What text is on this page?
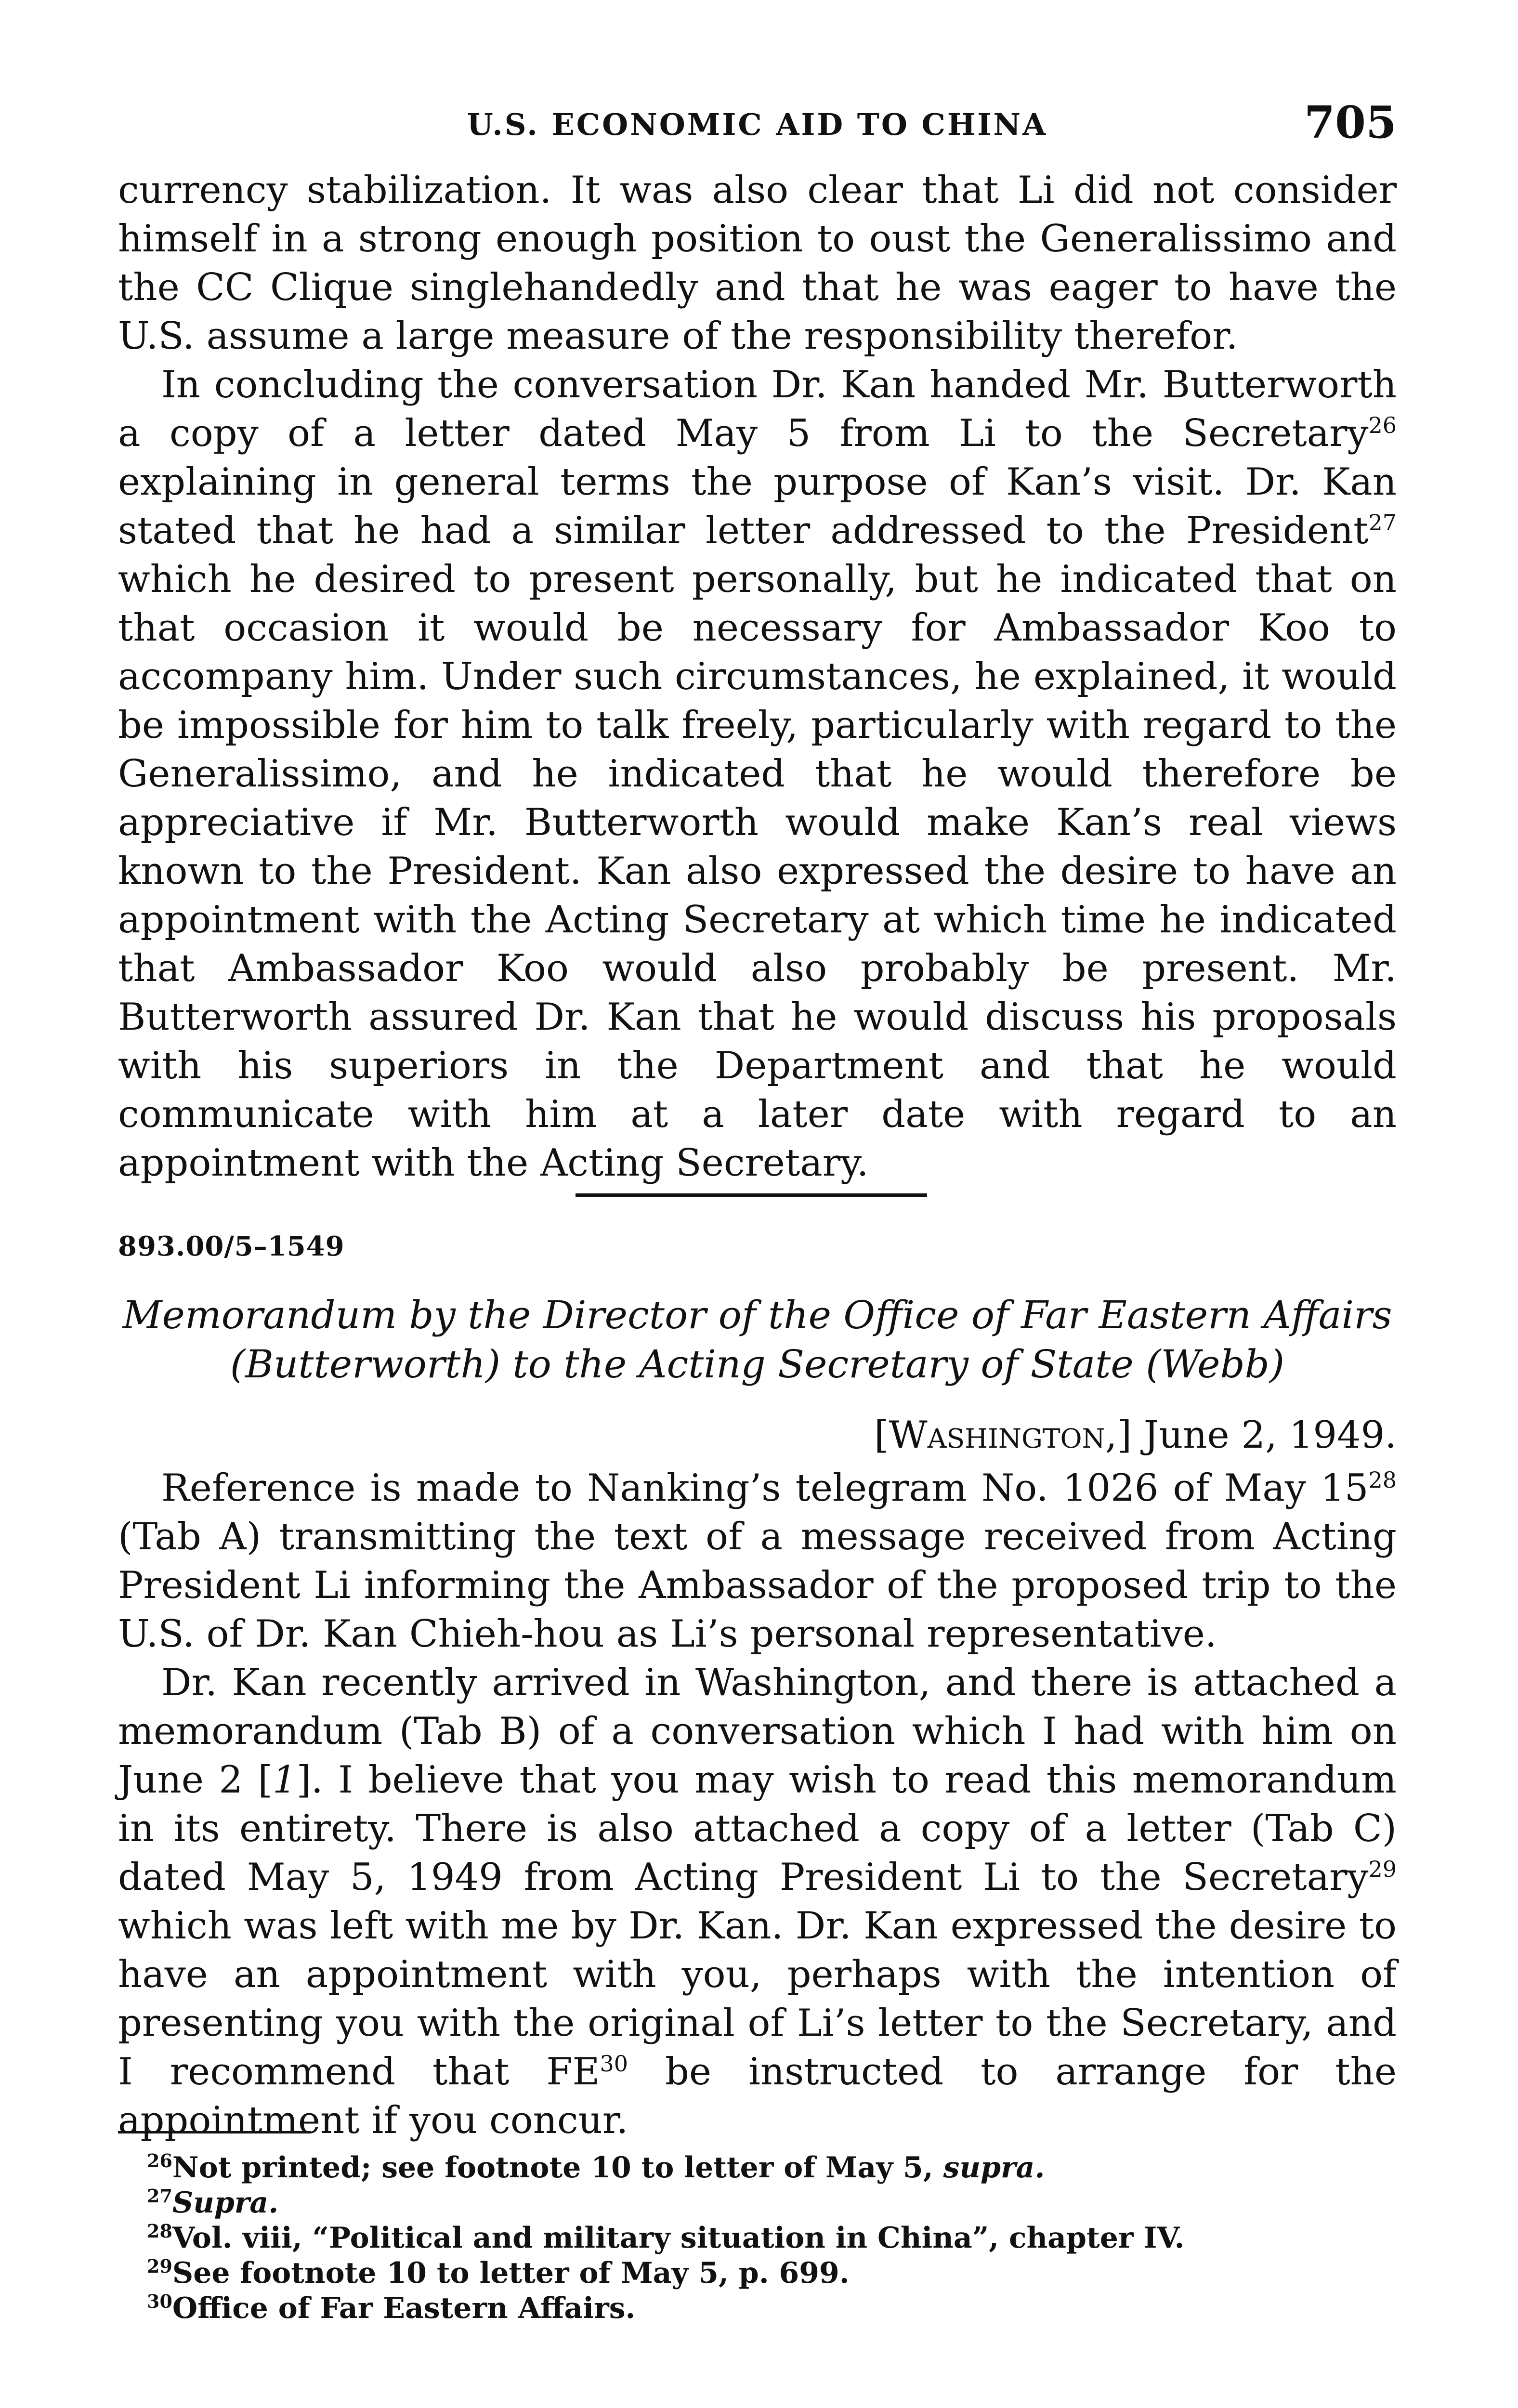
U.S. ECONOMIC AID TO CHINA	705

currency stabilization. It was also clear that Li did not consider himself in a strong enough position to oust the Generalissimo and the CC Clique singlehandedly and that he was eager to have the U.S. assume a large measure of the responsibility therefor.

In concluding the conversation Dr. Kan handed Mr. Butterworth a copy of a letter dated May 5 from Li to the Secretary$^{26}$ explaining in general terms the purpose of Kan’s visit. Dr. Kan stated that he had a similar letter addressed to the President$^{27}$ which he desired to present personally, but he indicated that on that occasion it would be necessary for Ambassador Koo to accompany him. Under such circumstances, he explained, it would be impossible for him to talk freely, particularly with regard to the Generalissimo, and he indicated that he would therefore be appreciative if Mr. Butterworth would make Kan’s real views known to the President. Kan also expressed the desire to have an appointment with the Acting Secretary at which time he indicated that Ambassador Koo would also probably be present. Mr. Butterworth assured Dr. Kan that he would discuss his proposals with his superiors in the Department and that he would communicate with him at a later date with regard to an appointment with the Acting Secretary.

893.00/5–1549

Memorandum by the Director of the Office of Far Eastern Affairs

(Butterworth) to the Acting Secretary of State (Webb)

[Washington,] June 2, 1949.

Reference is made to Nanking’s telegram No. 1026 of May $15^{28}$ (Tab A) transmitting the text of a message received from Acting President Li informing the Ambassador of the proposed trip to the U.S. of Dr. Kan Chieh-hou as Li’s personal representative.

Dr. Kan recently arrived in Washington, and there is attached a memorandum (Tab B) of a conversation which I had with him on June 2 [1]. I believe that you may wish to read this memorandum in its entirety. There is also attached a copy of a letter (Tab C) dated May 5, 1949 from Acting President Li to the Secretary$^{29}$ which was left with me by Dr. Kan. Dr. Kan expressed the desire to have an appointment with you, perhaps with the intention of presenting you with the original of Li’s letter to the Secretary, and I recommend that FE$^{30}$ be instructed to arrange for the appointment if you concur.

$^{26}$Not printed; see footnote 10 to letter of May 5, supra.

$^{27}$Supra.

$^{28}$Vol. viii, “Political and military situation in China”, chapter IV.

$^{29}$See footnote 10 to letter of May 5, p. 699.

$^{30}$Office of Far Eastern Affairs.
